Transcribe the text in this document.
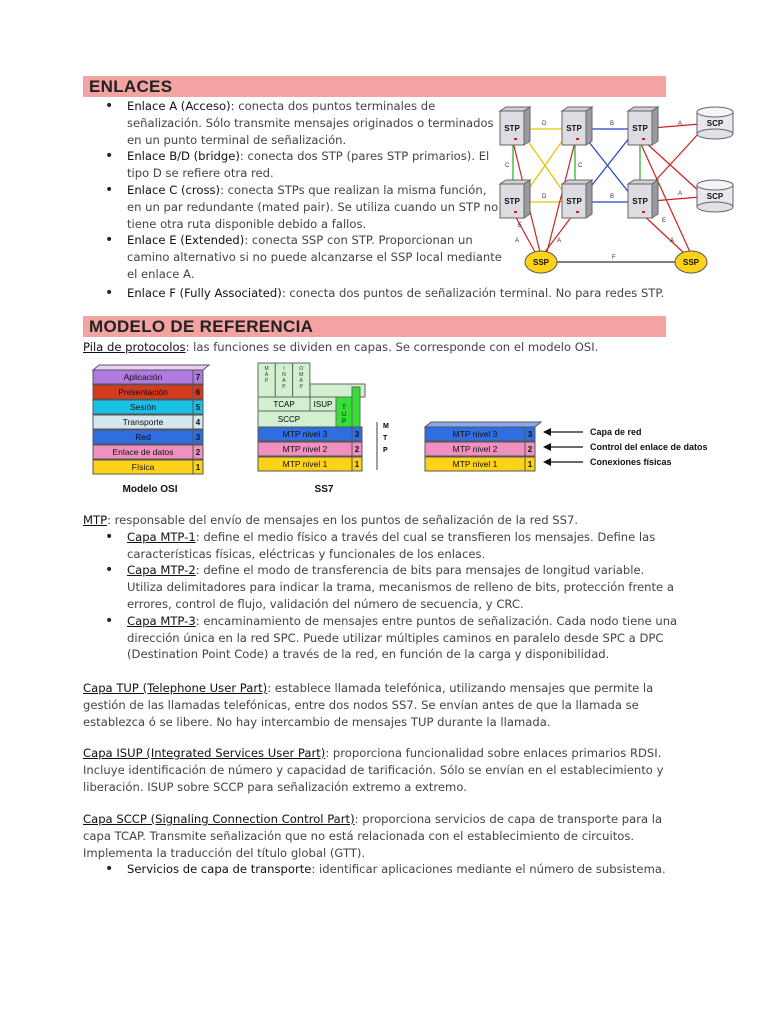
ENLACES
• Enlace A (Acceso): conecta dos puntos terminales de señalización. Sólo transmite mensajes originados o terminados en un punto terminal de señalización.
• Enlace B/D (bridge): conecta dos STP (pares STP primarios). El tipo D se refiere otra red.
• Enlace C (cross): conecta STPs que realizan la misma función, en un par redundante (mated pair). Se utiliza cuando un STP no tiene otra ruta disponible debido a fallos.
• Enlace E (Extended): conecta SSP con STP. Proporcionan un camino alternativo si no puede alcanzarse el SSP local mediante el enlace A.
• Enlace F (Fully Associated): conecta dos puntos de señalización terminal. No para redes STP.
D	B	A
C	C
D	B	A
E
A	A
E
A
F
STP	STP	STP
STP	STP	STP
SCP
SCP
SSP	SSP
MODELO DE REFERENCIA
Pila de protocolos: las funciones se dividen en capas. Se corresponde con el modelo OSI.
Aplicación	7
Presentación	6
Sesión	5
Transporte	4
Red	3
Enlace de datos	2
Física	1
Modelo OSI
M
A
P
I
N
A
P
O
M
A
P
TCAP ISUP T
U
P
SCCP
MTP nivel 3	3
MTP nivel 2	2
MTP nivel 1	1
M
T
P
SS7
MTP nivel 3	3	Capa de red
MTP nivel 2	2	Control del enlace de datos
MTP nivel 1	1	Conexiones físicas

MTP: responsable del envío de mensajes en los puntos de señalización de la red SS7.

• Capa MTP-1: define el medio físico a través del cual se transfieren los mensajes. Define las características físicas, eléctricas y funcionales de los enlaces.
• Capa MTP-2: define el modo de transferencia de bits para mensajes de longitud variable. Utiliza delimitadores para indicar la trama, mecanismos de relleno de bits, protección frente a errores, control de flujo, validación del número de secuencia, y CRC.
• Capa MTP-3: encaminamiento de mensajes entre puntos de señalización. Cada nodo tiene una dirección única en la red SPC. Puede utilizar múltiples caminos en paralelo desde SPC a DPC (Destination Point Code) a través de la red, en función de la carga y disponibilidad.
Capa TUP (Telephone User Part): establece llamada telefónica, utilizando mensajes que permite la gestión de las llamadas telefónicas, entre dos nodos SS7. Se envían antes de que la llamada se establezca ó se libere. No hay intercambio de mensajes TUP durante la llamada.
Capa ISUP (Integrated Services User Part): proporciona funcionalidad sobre enlaces primarios RDSI. Incluye identificación de número y capacidad de tarificación. Sólo se envían en el establecimiento y liberación. ISUP sobre SCCP para señalización extremo a extremo.

Capa SCCP (Signaling Connection Control Part): proporciona servicios de capa de transporte para la capa TCAP. Transmite señalización que no está relacionada con el establecimiento de circuitos. Implementa la traducción del título global (GTT).

• Servicios de capa de transporte: identificar aplicaciones mediante el número de subsistema.
